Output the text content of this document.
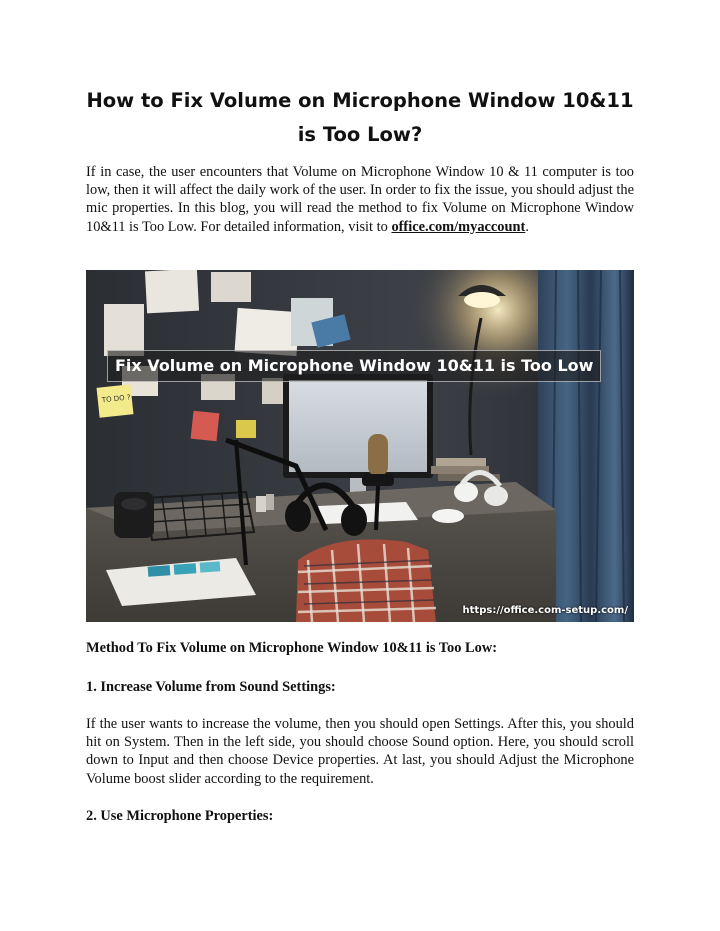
How to Fix Volume on Microphone Window 10&11 is Too Low?

If in case, the user encounters that Volume on Microphone Window 10 & 11 computer is too low, then it will affect the daily work of the user. In order to fix the issue, you should adjust the mic properties. In this blog, you will read the method to fix Volume on Microphone Window 10&11 is Too Low. For detailed information, visit to office.com/myaccount.

TO DO ?
Fix Volume on Microphone Window 10&11 is Too Low
https://office.com-setup.com/

Method To Fix Volume on Microphone Window 10&11 is Too Low:

1. Increase Volume from Sound Settings:

If the user wants to increase the volume, then you should open Settings. After this, you should hit on System. Then in the left side, you should choose Sound option. Here, you should scroll down to Input and then choose Device properties. At last, you should Adjust the Microphone Volume boost slider according to the requirement.

2. Use Microphone Properties:
